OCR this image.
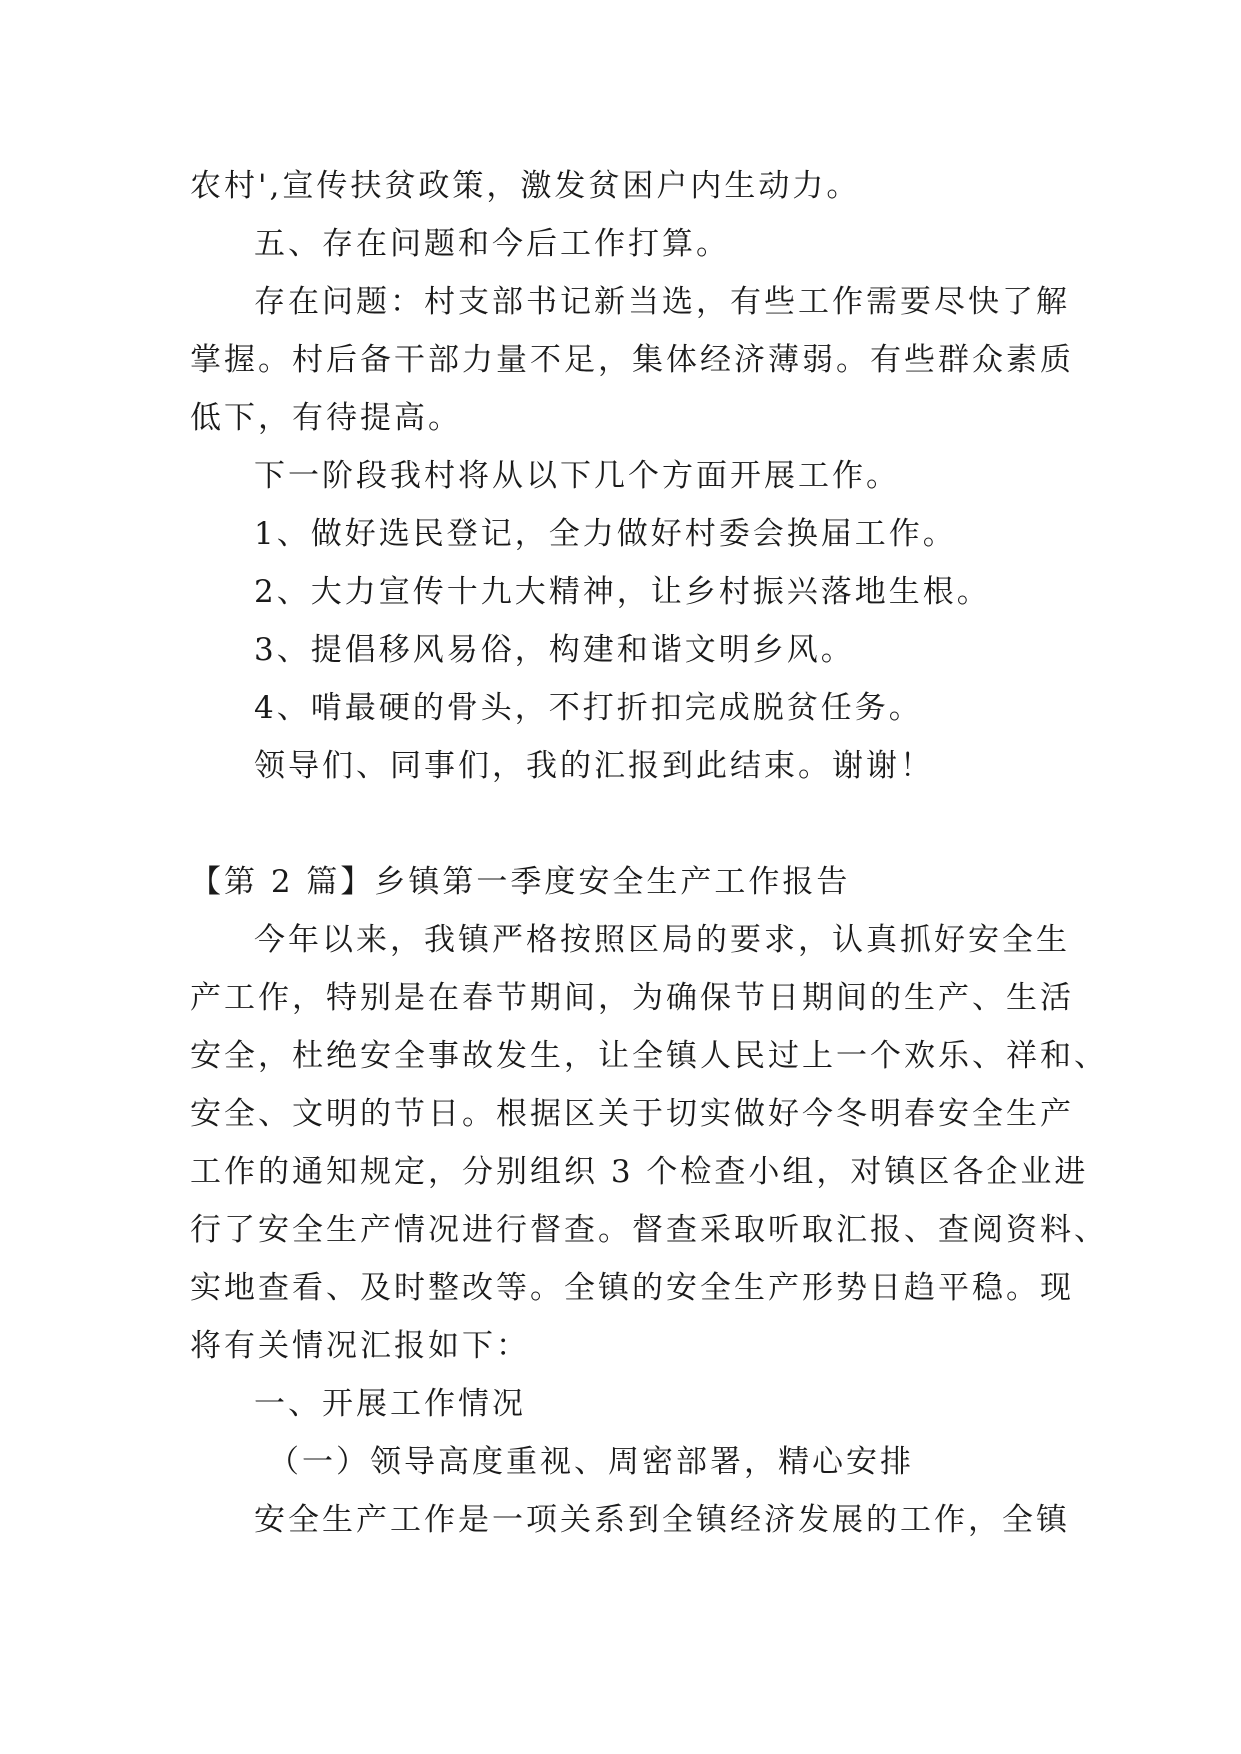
农村',宣传扶贫政策，激发贫困户内生动力。

五、存在问题和今后工作打算。

存在问题：村支部书记新当选，有些工作需要尽快了解

掌握。村后备干部力量不足，集体经济薄弱。有些群众素质

低下，有待提高。

下一阶段我村将从以下几个方面开展工作。

1、做好选民登记，全力做好村委会换届工作。

2、大力宣传十九大精神，让乡村振兴落地生根。

3、提倡移风易俗，构建和谐文明乡风。

4、啃最硬的骨头，不打折扣完成脱贫任务。

领导们、同事们，我的汇报到此结束。谢谢！

【第 2 篇】乡镇第一季度安全生产工作报告

今年以来，我镇严格按照区局的要求，认真抓好安全生

产工作，特别是在春节期间，为确保节日期间的生产、生活

安全，杜绝安全事故发生，让全镇人民过上一个欢乐、祥和、

安全、文明的节日。根据区关于切实做好今冬明春安全生产

工作的通知规定，分别组织 3 个检查小组，对镇区各企业进

行了安全生产情况进行督查。督查采取听取汇报、查阅资料、

实地查看、及时整改等。全镇的安全生产形势日趋平稳。现

将有关情况汇报如下：

一、开展工作情况

（一）领导高度重视、周密部署，精心安排

安全生产工作是一项关系到全镇经济发展的工作，全镇
